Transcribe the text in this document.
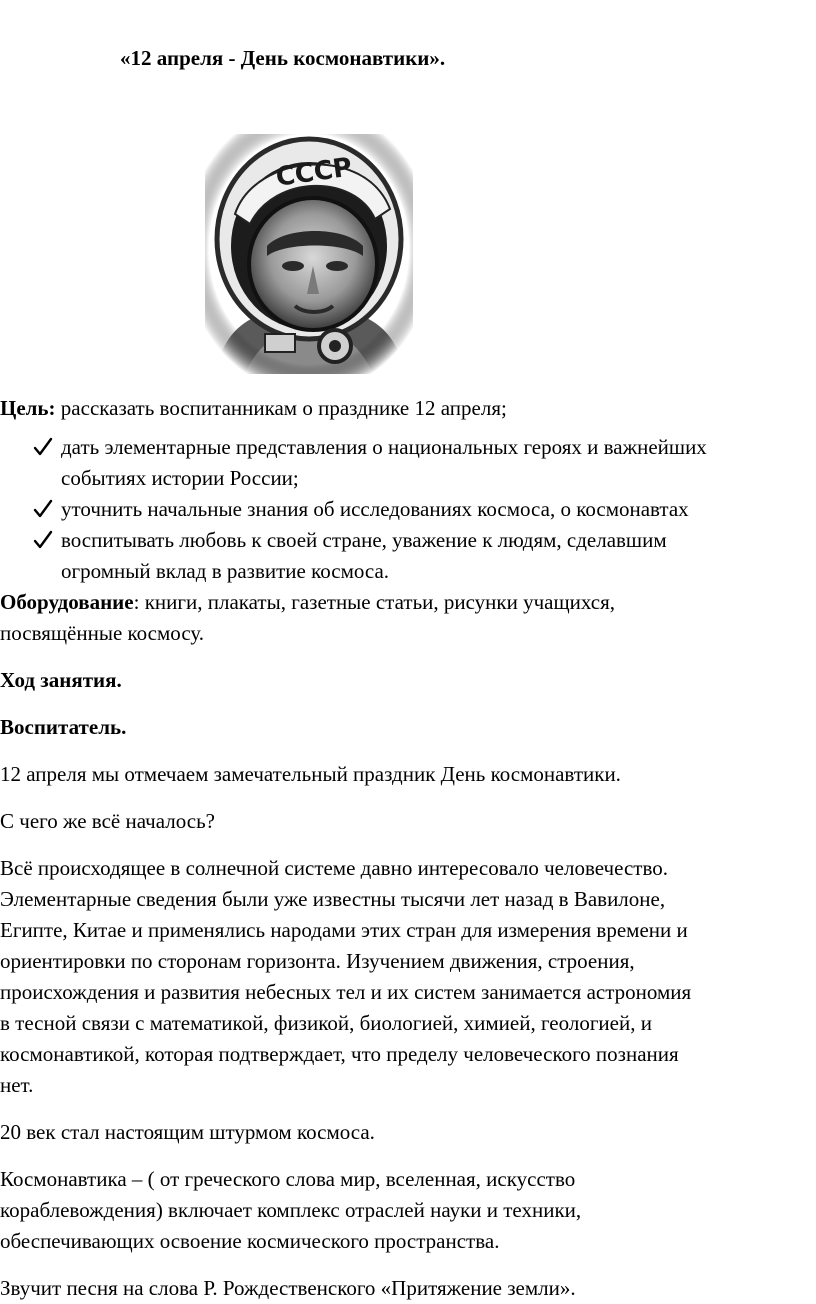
«12 апреля - День космонавтики».

Цель: рассказать воспитанникам о празднике 12 апреля;

дать элементарные представления о национальных героях и важнейших
событиях истории России;
уточнить начальные знания об исследованиях космоса, о космонавтах
воспитывать любовь к своей стране, уважение к людям, сделавшим
огромный вклад в развитие космоса.
Оборудование: книги, плакаты, газетные статьи, рисунки учащихся,
посвящённые космосу.
Ход занятия.
Воспитатель.
12 апреля мы отмечаем замечательный праздник День космонавтики.
С чего же всё началось?
Всё происходящее в солнечной системе давно интересовало человечество.
Элементарные сведения были уже известны тысячи лет назад в Вавилоне,
Египте, Китае и применялись народами этих стран для измерения времени и
ориентировки по сторонам горизонта. Изучением движения, строения,
происхождения и развития небесных тел и их систем занимается астрономия
в тесной связи с математикой, физикой, биологией, химией, геологией, и
космонавтикой, которая подтверждает, что пределу человеческого познания
нет.
20 век стал настоящим штурмом космоса.
Космонавтика – ( от греческого слова мир, вселенная, искусство
кораблевождения) включает комплекс отраслей науки и техники,
обеспечивающих освоение космического пространства.
Звучит песня на слова Р. Рождественского «Притяжение земли».
